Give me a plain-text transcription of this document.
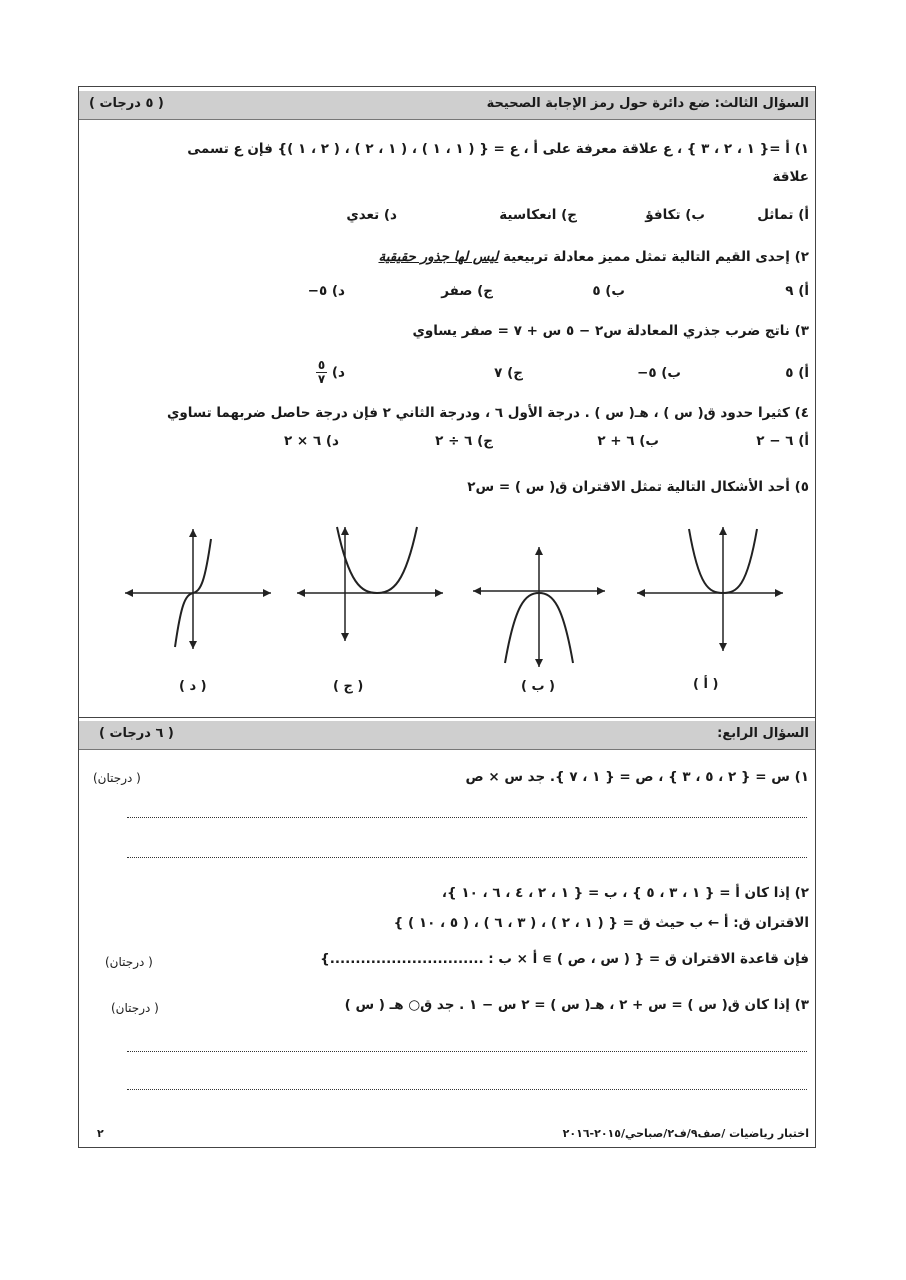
السؤال الثالث: ضع دائرة حول رمز الإجابة الصحيحة
( ٥ درجات )
١) أ ={ ١ ، ٢ ، ٣ } ، ع علاقة معرفة على أ ، ع = { ( ١ ، ١ ) ، ( ١ ، ٢ ) ، ( ٢ ، ١ )} فإن ع تسمى
علاقة
أ) تماثل
ب) تكافؤ
ج) انعكاسية
د) تعدي
٢) إحدى القيم التالية تمثل مميز معادلة تربيعية ليس لها جذور حقيقية
أ) ٩
ب) ٥
ج) صفر
د) ٥−
٣) ناتج ضرب جذري المعادلة س٢ − ٥ س + ٧ = صفر يساوي
أ) ٥
ب) ٥−
ج) ٧
د)
$\frac{٥}{٧}$
٤) كثيرا حدود ق( س ) ، هـ( س ) . درجة الأول ٦ ، ودرجة الثاني ٢ فإن درجة حاصل ضربهما تساوي
أ) ٦ − ٢
ب) ٦ + ٢
ج) ٦ ÷ ٢
د) ٦ × ٢
٥) أحد الأشكال التالية تمثل الاقتران ق( س ) = س٢
( أ )
( ب )
( ج )
( د )
السؤال الرابع:
( ٦ درجات )
١) س = { ٢ ، ٥ ، ٣ } ، ص = { ١ ، ٧ }. جد س × ص
( درجتان)
٢) إذا كان أ = { ١ ، ٣ ، ٥ } ، ب = { ١ ، ٢ ، ٤ ، ٦ ، ١٠ }،
الاقتران ق: أ ← ب حيث ق = { ( ١ ، ٢ ) ، ( ٣ ، ٦ ) ، ( ٥ ، ١٠ ) }
فإن قاعدة الاقتران ق = { ( س ، ص ) ∍ أ × ب : ..............................}
( درجتان)
٣) إذا كان ق( س ) = س + ٢ ، هـ( س ) = ٢ س − ١ . جد ق○ هـ ( س )
( درجتان)
اختبار رياضيات /صف٩/ف٢/صباحي/٢٠١٥-٢٠١٦
٢
